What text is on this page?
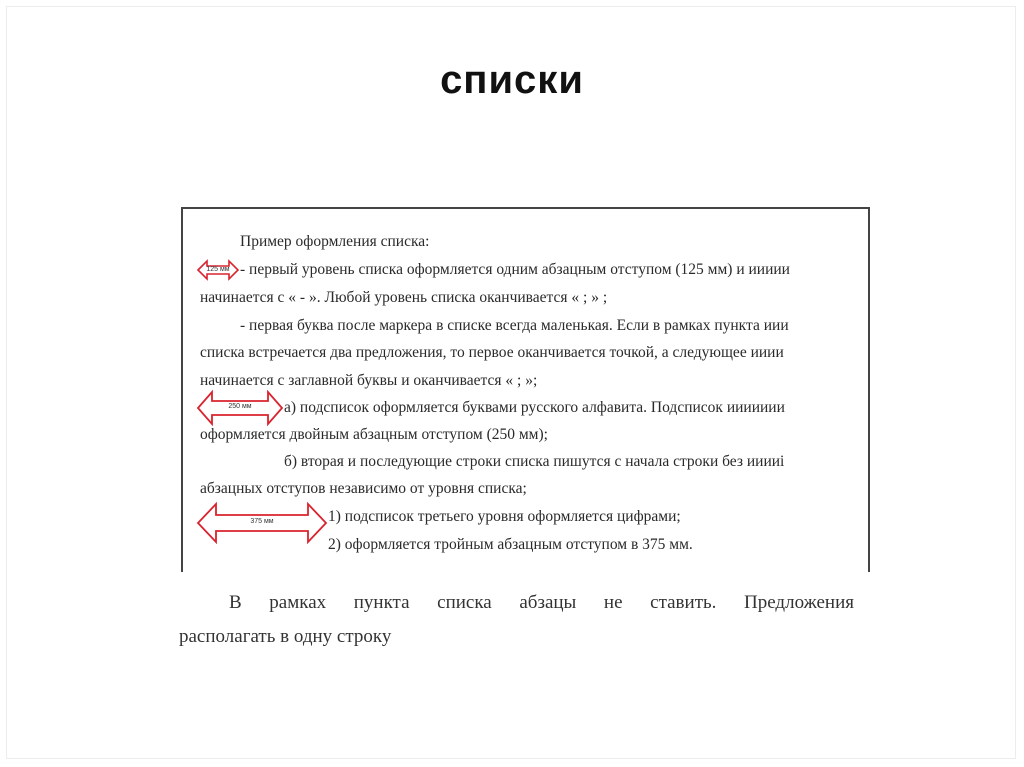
списки
Пример оформления списка:
- первый уровень списка оформляется одним абзацным отступом (125 мм) и иииии
начинается с « - ». Любой уровень списка оканчивается « ; » ;
- первая буква после маркера в списке всегда маленькая. Если в рамках пункта иии
списка встречается два предложения, то первое оканчивается точкой, а следующее ииии
начинается с заглавной буквы и оканчивается « ; »;
а) подсписок оформляется буквами русского алфавита. Подсписок иииииии
оформляется двойным абзацным отступом (250 мм);
б) вторая и последующие строки списка пишутся с начала строки без ииииi
абзацных отступов независимо от уровня списка;
1) подсписок третьего уровня оформляется цифрами;
2) оформляется тройным абзацным отступом в 375 мм.
125 мм
250 мм
375 мм
В рамках пункта списка абзацы не ставить. Предложения
располагать в одну строку
